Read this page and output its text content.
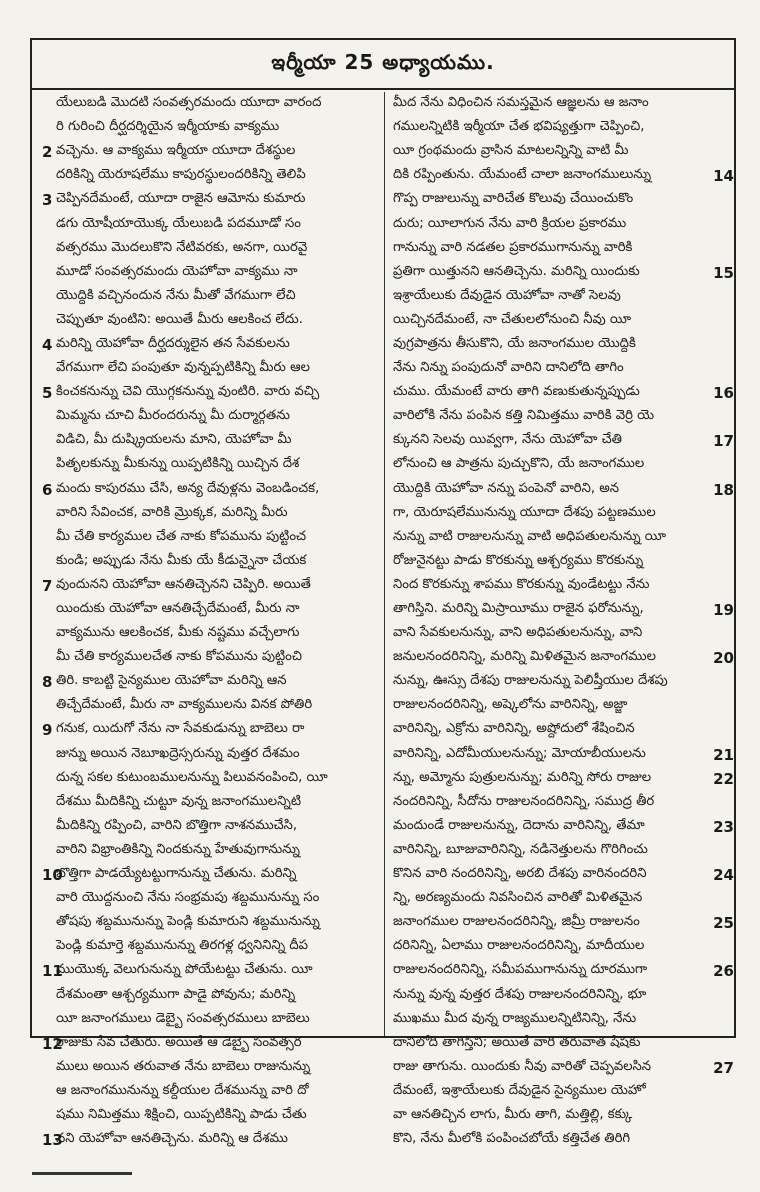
ఇర్మీయా 25 అధ్యాయము.
యేలుబడి మొదటి సంవత్సరమందు యూదా వారంద
రి గురించి దీర్ఘదర్శియైన ఇర్మీయాకు వాక్యము
2 వచ్చెను. ఆ వాక్యము ఇర్మీయా యూదా దేశస్థుల
దరికిన్ని యెరూషలేము కాపురస్థులందరికిన్ని తెలిపి
3 చెప్పినదేమంటే, యూదా రాజైన ఆమోను కుమారు
డగు యోషీయాయొక్క యేలుబడి పదమూడో సం
వత్సరము మొదలుకొని నేటివరకు, అనగా, యిరవై
మూడో సంవత్సరమందు యెహోవా వాక్యము నా
యొద్దికి వచ్చినందున నేను మీతో వేగముగా లేచి
చెప్పుతూ వుంటిని: అయితే మీరు ఆలకించ లేదు.
4 మరిన్ని యెహోవా దీర్ఘదర్శులైన తన సేవకులను
వేగముగా లేచి పంపుతూ వున్నప్పటికిన్ని మీరు ఆల
5 కించకనున్ను చెవి యొగ్గకనున్ను వుంటిరి. వారు వచ్చి
మిమ్మను చూచి మీరందరున్ను మీ దుర్మార్గతను
విడిచి, మీ దుష్క్రియలను మాని, యెహోవా మీ
పితృలకున్ను మీకున్ను యిప్పటికిన్ని యిచ్చిన దేశ
6 మందు కాపురము చేసి, అన్య దేవుళ్లను వెంబడించక,
వారిని సేవించక, వారికి మ్రొక్కక, మరిన్ని మీరు
మీ చేతి కార్యముల చేత నాకు కోపమును పుట్టించ
కుండి; అప్పుడు నేను మీకు యే కీడున్నైనా చేయక
7 వుందునని యెహోవా ఆనతిచ్చెనని చెప్పిరి. అయితే
యిందుకు యెహోవా ఆనతిచ్చేదేమంటే, మీరు నా
వాక్యమును ఆలకించక, మీకు నష్టము వచ్చేలాగు
మీ చేతి కార్యములచేత నాకు కోపమును పుట్టించి
8 తిరి. కాబట్టి సైన్యముల యెహోవా మరిన్ని ఆన
తిచ్చేదేమంటే, మీరు నా వాక్యములను వినక పోతిరి
9 గనుక, యిదుగో నేను నా సేవకుడున్ను బాబెలు రా
జున్ను అయిన నెబూఖద్రెస్సరున్ను వుత్తర దేశమం
దున్న సకల కుటుంబములనున్ను పిలువనంపించి, యీ
దేశము మీదికిన్ని చుట్టూ వున్న జనాంగములన్నిటి
మీదికిన్ని రప్పించి, వారిని బొత్తిగా నాశనముచేసి,
వారిని విభ్రాంతికిన్ని నిందకున్ను హేతువుగానున్ను
10
బొత్తిగా పాడయ్యేటట్టుగానున్ను చేతును. మరిన్ని
వారి యొద్దనుంచి నేను సంభ్రమపు శబ్దమునున్ను సం
తోషపు శబ్దమునున్ను పెండ్లి కుమారుని శబ్దమునున్ను
పెండ్లి కుమార్తె శబ్దమునున్ను తిరగళ్ల ధ్వనినిన్ని దీప
11
ముయొక్క వెలుగునున్ను పోయేటట్టు చేతును. యీ
దేశమంతా ఆశ్చర్యముగా పాడై పోవును; మరిన్ని
యీ జనాంగములు డెబ్బై సంవత్సరములు బాబెలు
12
రాజుకు సేవ చేతురు. అయితే ఆ డెబ్బై సంవత్సర
ములు అయిన తరువాత నేను బాబెలు రాజునున్ను
ఆ జనాంగమునున్ను కల్దీయుల దేశమున్ను వారి దో
షము నిమిత్తము శిక్షించి, యిప్పటికిన్ని పాడు చేతు
13
నని యెహోవా ఆనతిచ్చెను. మరిన్ని ఆ దేశము
మీద నేను విధించిన సమస్తమైన ఆజ్ఞలను ఆ జనాం
గములన్నిటికి ఇర్మీయా చేత భవిష్యత్తుగా చెప్పించి,
యీ గ్రంథమందు వ్రాసిన మాటలన్నిన్ని వాటి మీ
దికి రప్పింతును. యేమంటే చాలా జనాంగములున్ను	14
గొప్ప రాజులున్ను వారిచేత కొలువు చేయించుకొం
దురు; యీలాగున నేను వారి క్రియల ప్రకారము
గానున్ను వారి నడతల ప్రకారముగానున్ను వారికి
ప్రతిగా యిత్తునని ఆనతిచ్చెను. మరిన్ని యిందుకు	15
ఇశ్రాయేలుకు దేవుడైన యెహోవా నాతో సెలవు
యిచ్చినదేమంటే, నా చేతులలోనుంచి నీవు యీ
వుగ్రపాత్రను తీసుకొని, యే జనాంగముల యొద్దికి
నేను నిన్ను పంపుదునో వారిని దానిలోది తాగిం
చుము. యేమంటే వారు తాగి వణుకుతున్నప్పుడు	16
వారిలోకి నేను పంపిన కత్తి నిమిత్తము వారికి వెర్రి యె
క్కునని సెలవు యివ్వగా, నేను యెహోవా చేతి	17
లోనుంచి ఆ పాత్రను పుచ్చుకొని, యే జనాంగముల
యొద్దికి యెహోవా నన్ను పంపెనో వారిని, అన	18
గా, యెరూషలేమునున్ను యూదా దేశపు పట్టణముల
నున్ను వాటి రాజులనున్ను వాటి అధిపతులనున్ను యీ
రోజునైనట్టు పాడు కొరకున్ను ఆశ్చర్యము కొరకున్ను
నింద కొరకున్ను శాపము కొరకున్ను వుండేటట్టు నేను
తాగిస్తిని. మరిన్ని మిస్రాయీము రాజైన ఫరోనున్ను,	19
వాని సేవకులనున్ను, వాని అధిపతులనున్ను, వాని
జనులనందరినిన్ని, మరిన్ని మిళితమైన జనాంగముల	20
నున్ను, ఊస్సు దేశపు రాజులనున్ను పెలిష్తీయుల దేశపు
రాజులనందరినిన్ని, అష్కెలోను వారినిన్ని, అజ్జా
వారినిన్ని, ఎక్రోను వారినిన్ని, అష్దోదులో శేషించిన
వారినిన్ని, ఎదోమీయులనున్ను; మోయాబీయులను	21
న్ను, అమ్మోను పుత్రులనున్ను; మరిన్ని సోరు రాజుల	22
నందరినిన్ని, సీదోను రాజులనందరినిన్ని, సముద్ర తీర
మందుండే రాజులనున్ను, దెదాను వారినిన్ని, తేమా	23
వారినిన్ని, బూజువారినిన్ని, నడినెత్తులను గొరిగించు
కొనిన వారి నందరినిన్ని, అరబి దేశపు వారినందరిని	24
న్ని, అరణ్యమందు నివసించిన వారితో మిళితమైన
జనాంగముల రాజులనందరినిన్ని, జిమ్రీ రాజులనం	25
దరినిన్ని, ఏలాము రాజులనందరినిన్ని, మాదీయుల
రాజులనందరినిన్ని, సమీపముగానున్ను దూరముగా	26
నున్ను వున్న వుత్తర దేశపు రాజులనందరినిన్ని, భూ
ముఖము మీద వున్న రాజ్యములన్నిటినిన్ని, నేను
దానిలోది తాగిస్తిని; అయితే వారి తరువాత షేషకు
రాజు తాగును. యిందుకు నీవు వారితో చెప్పవలసిన	27
దేమంటే, ఇశ్రాయేలుకు దేవుడైన సైన్యముల యెహో
వా ఆనతిచ్చిన లాగు, మీరు తాగి, మత్తిల్లి, కక్కు
కొని, నేను మీలోకి పంపించబోయే కత్తిచేత తిరిగి
